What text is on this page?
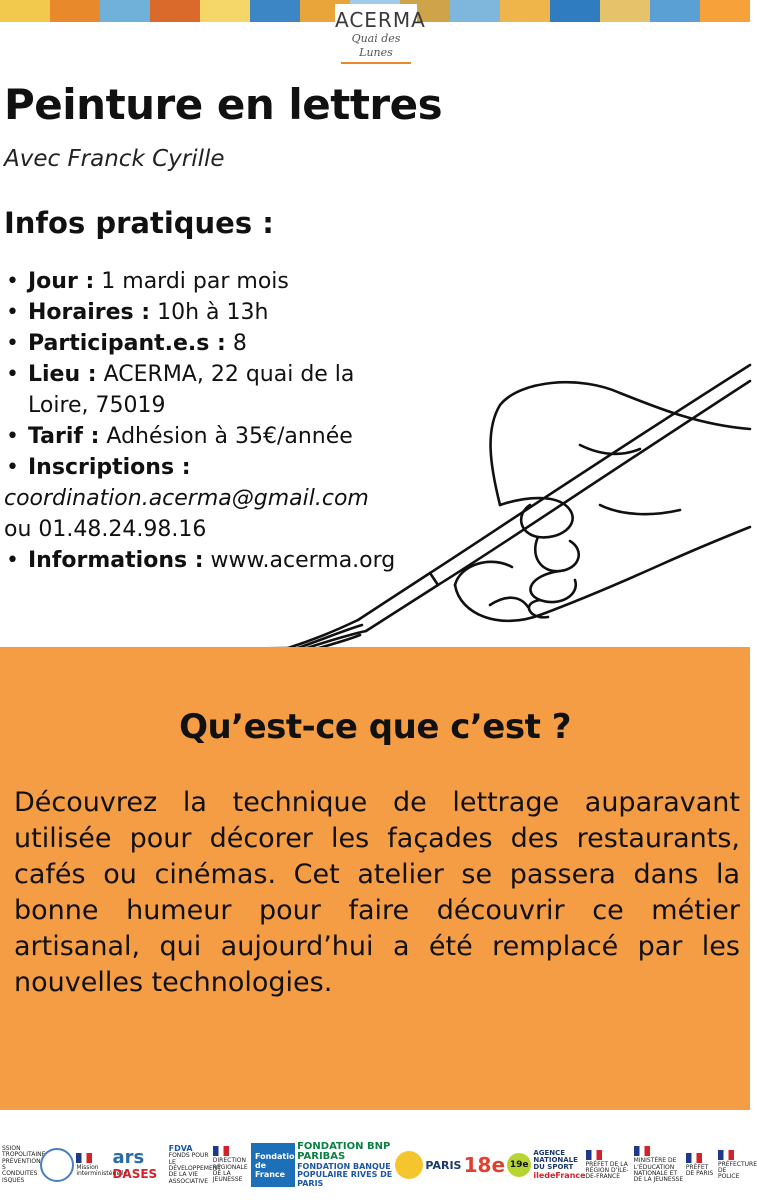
ACERMA
Quai des Lunes
Peinture en lettres
Avec Franck Cyrille
Infos pratiques :
• Jour : 1 mardi par mois
• Horaires : 10h à 13h
• Participant.e.s : 8
• Lieu : ACERMA, 22 quai de la
Loire, 75019
• Tarif : Adhésion à 35€/année
• Inscriptions :
coordination.acerma@gmail.com
ou 01.48.24.98.16
• Informations : www.acerma.org
Qu’est-ce que c’est ?

Découvrez la technique de lettrage auparavant utilisée pour décorer les façades des restaurants, cafés ou cinémas. Cet atelier se passera dans la bonne humeur pour faire découvrir ce métier artisanal, qui aujourd’hui a été remplacé par les nouvelles technologies.

SSION
TROPOLITAINE
PRÉVENTION
S CONDUITES
ISQUES
Mission interministérielle
ars
DASES
FDVA
FONDS POUR LE DÉVELOPPEMENT DE LA VIE ASSOCIATIVE
DIRECTION RÉGIONALE DE LA JEUNESSE
Fondation de France
FONDATION BNP PARIBAS
FONDATION BANQUE POPULAIRE RIVES DE PARIS
PARIS 18e 19e
AGENCE NATIONALE DU SPORT
iledeFrance
PRÉFET DE LA RÉGION D’ÎLE-DE-FRANCE
MINISTÈRE DE L’ÉDUCATION NATIONALE ET DE LA JEUNESSE
PRÉFET DE PARIS
PRÉFECTURE DE POLICE
